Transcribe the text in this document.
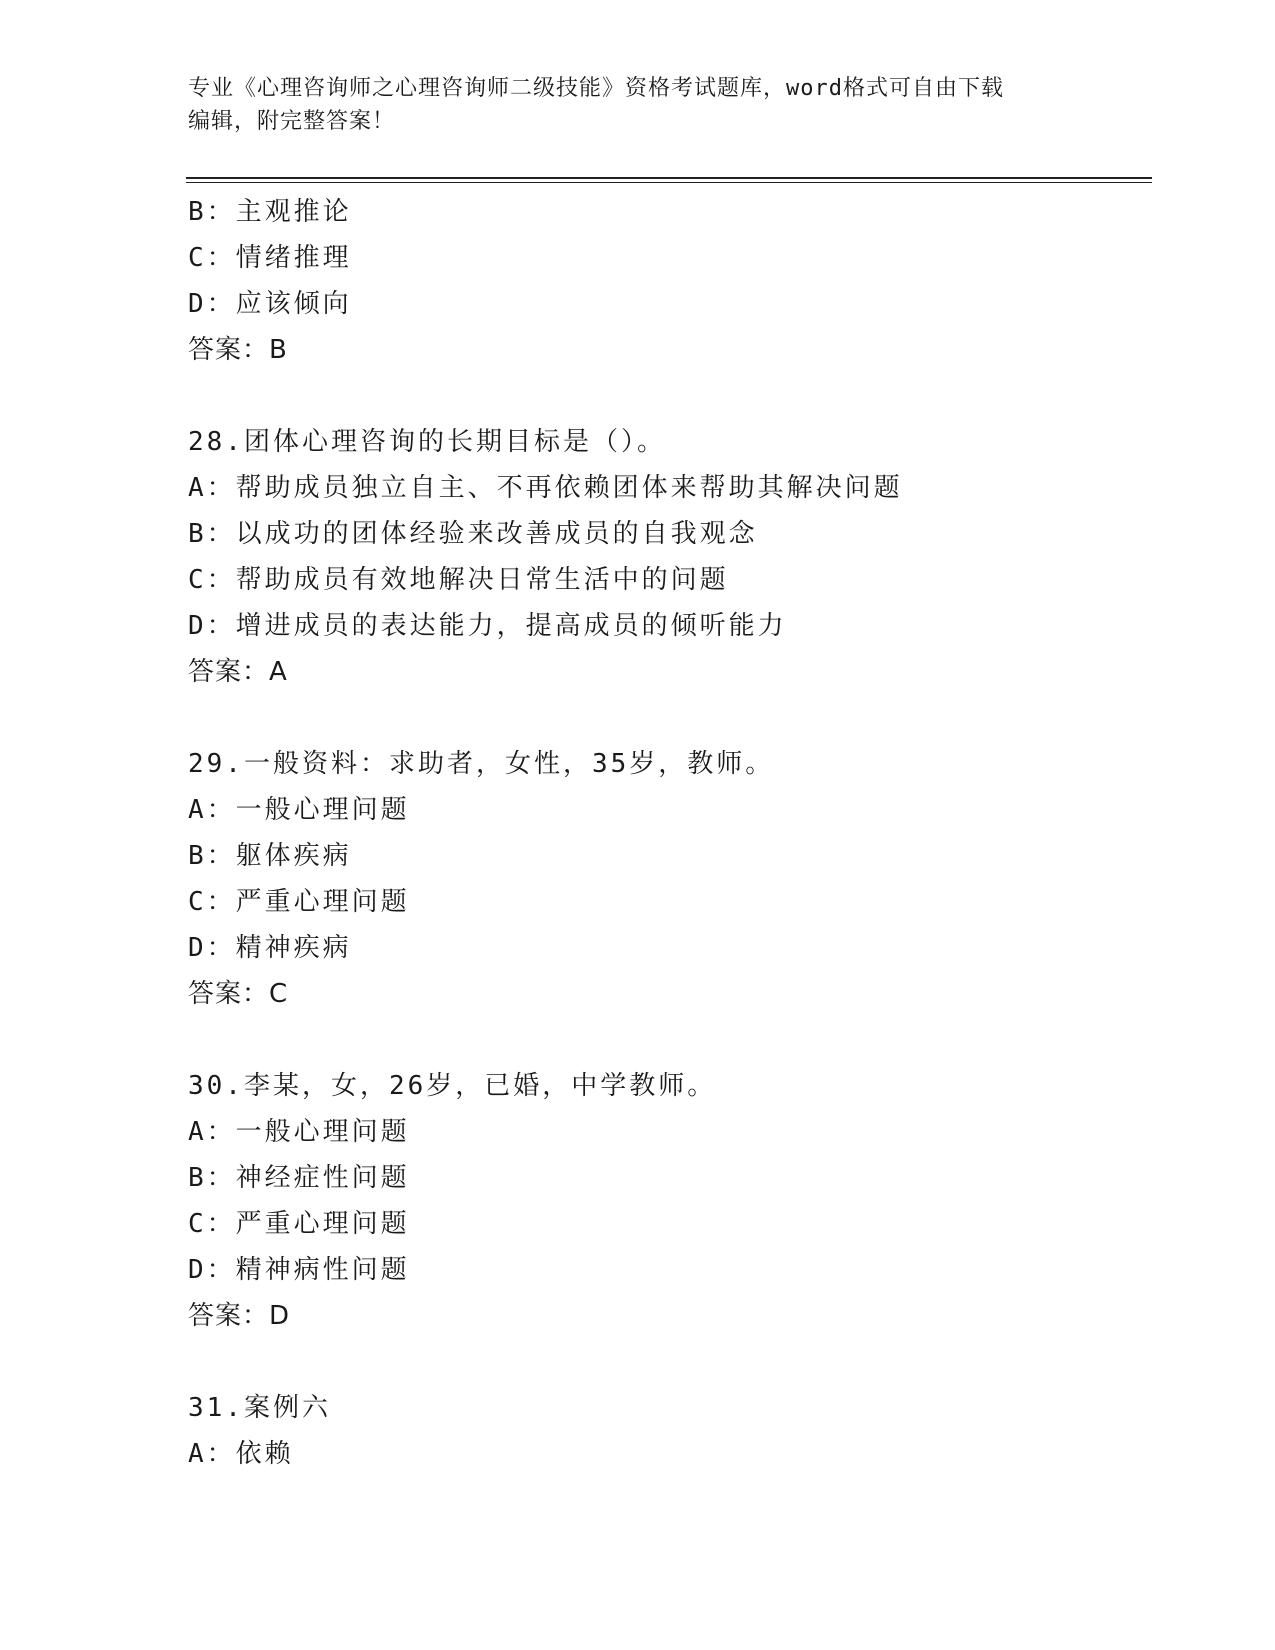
专业《心理咨询师之心理咨询师二级技能》资格考试题库，word格式可自由下载
编辑，附完整答案！
B：主观推论
C：情绪推理
D：应该倾向
答案：B
28.团体心理咨询的长期目标是（）。
A：帮助成员独立自主、不再依赖团体来帮助其解决问题
B：以成功的团体经验来改善成员的自我观念
C：帮助成员有效地解决日常生活中的问题
D：增进成员的表达能力，提高成员的倾听能力
答案：A
29.一般资料：求助者，女性，35岁，教师。
A：一般心理问题
B：躯体疾病
C：严重心理问题
D：精神疾病
答案：C
30.李某，女，26岁，已婚，中学教师。
A：一般心理问题
B：神经症性问题
C：严重心理问题
D：精神病性问题
答案：D
31.案例六
A：依赖
